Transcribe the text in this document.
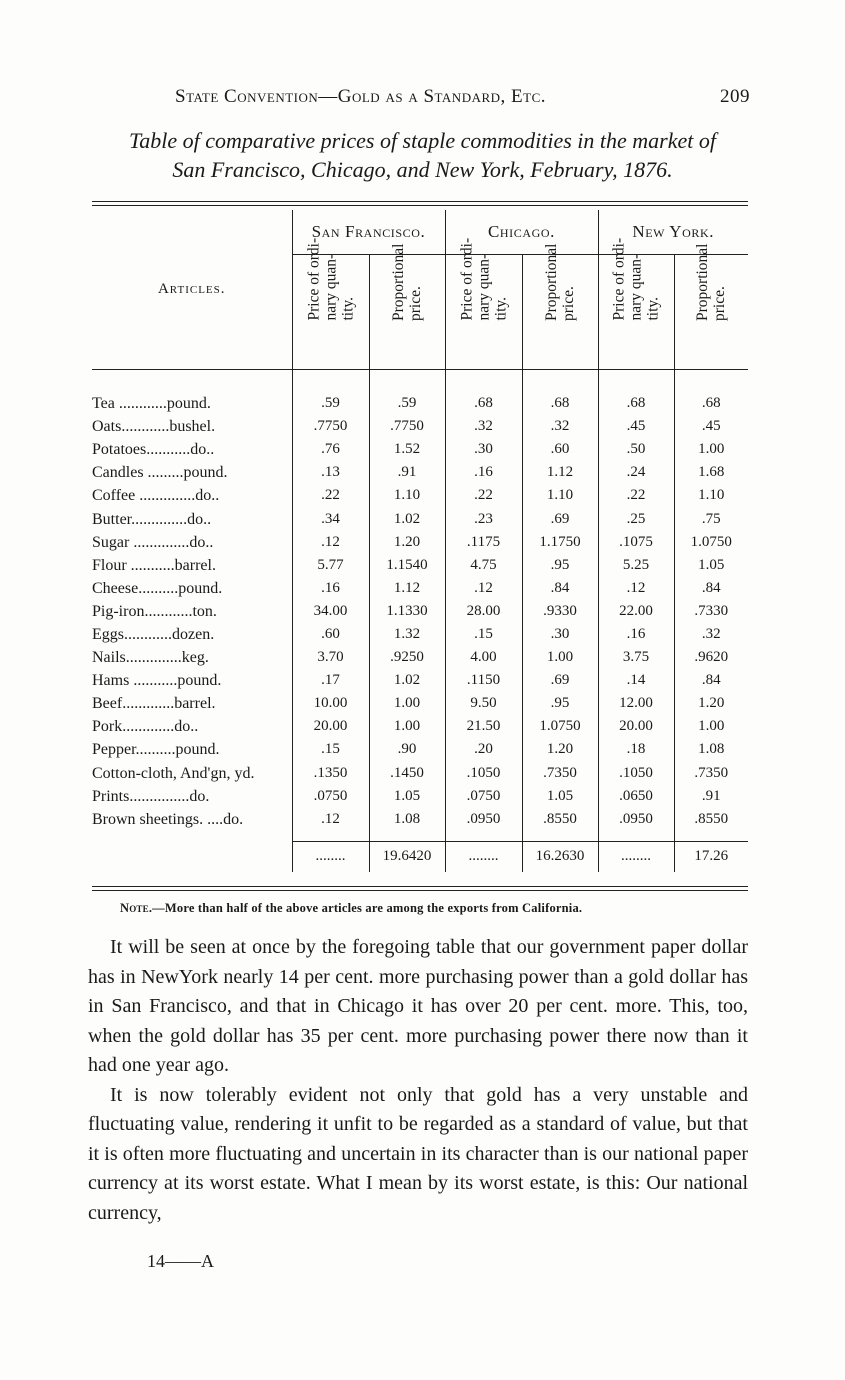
State Convention—Gold as a Standard, Etc.	209
Table of comparative prices of staple commodities in the market of
San Francisco, Chicago, and New York, February, 1876.
Articles.	San Francisco.		Chicago.		New York.	
	Price of ordi-
nary quan-
tity.	Proportional
price.	Price of ordi-
nary quan-
tity.	Proportional
price.	Price of ordi-
nary quan-
tity.	Proportional
price.

Tea ............pound.	.59	.59	.68	.68	.68	.68
Oats............bushel.	.7750	.7750	.32	.32	.45	.45
Potatoes...........do..	.76	1.52	.30	.60	.50	1.00
Candles .........pound.	.13	.91	.16	1.12	.24	1.68
Coffee ..............do..	.22	1.10	.22	1.10	.22	1.10
Butter..............do..	.34	1.02	.23	.69	.25	.75
Sugar ..............do..	.12	1.20	.1175	1.1750	.1075	1.0750
Flour ...........barrel.	5.77	1.1540	4.75	.95	5.25	1.05
Cheese..........pound.	.16	1.12	.12	.84	.12	.84
Pig-iron............ton.	34.00	1.1330	28.00	.9330	22.00	.7330
Eggs............dozen.	.60	1.32	.15	.30	.16	.32
Nails..............keg.	3.70	.9250	4.00	1.00	3.75	.9620
Hams ...........pound.	.17	1.02	.1150	.69	.14	.84
Beef.............barrel.	10.00	1.00	9.50	.95	12.00	1.20
Pork.............do..	20.00	1.00	21.50	1.0750	20.00	1.00
Pepper..........pound.	.15	.90	.20	1.20	.18	1.08
Cotton-cloth, And'gn, yd.	.1350	.1450	.1050	.7350	.1050	.7350
Prints...............do.	.0750	1.05	.0750	1.05	.0650	.91
Brown sheetings. ....do.	.12	1.08	.0950	.8550	.0950	.8550

	........	19.6420	........	16.2630	........	17.26
Note.—More than half of the above articles are among the exports from California.

It will be seen at once by the foregoing table that our government paper dollar has in NewYork nearly 14 per cent. more purchasing power than a gold dollar has in San Francisco, and that in Chicago it has over 20 per cent. more. This, too, when the gold dollar has 35 per cent. more purchasing power there now than it had one year ago.

It is now tolerably evident not only that gold has a very unstable and fluctuating value, rendering it unfit to be regarded as a standard of value, but that it is often more fluctuating and uncertain in its character than is our national paper currency at its worst estate. What I mean by its worst estate, is this: Our national currency,

14——A
